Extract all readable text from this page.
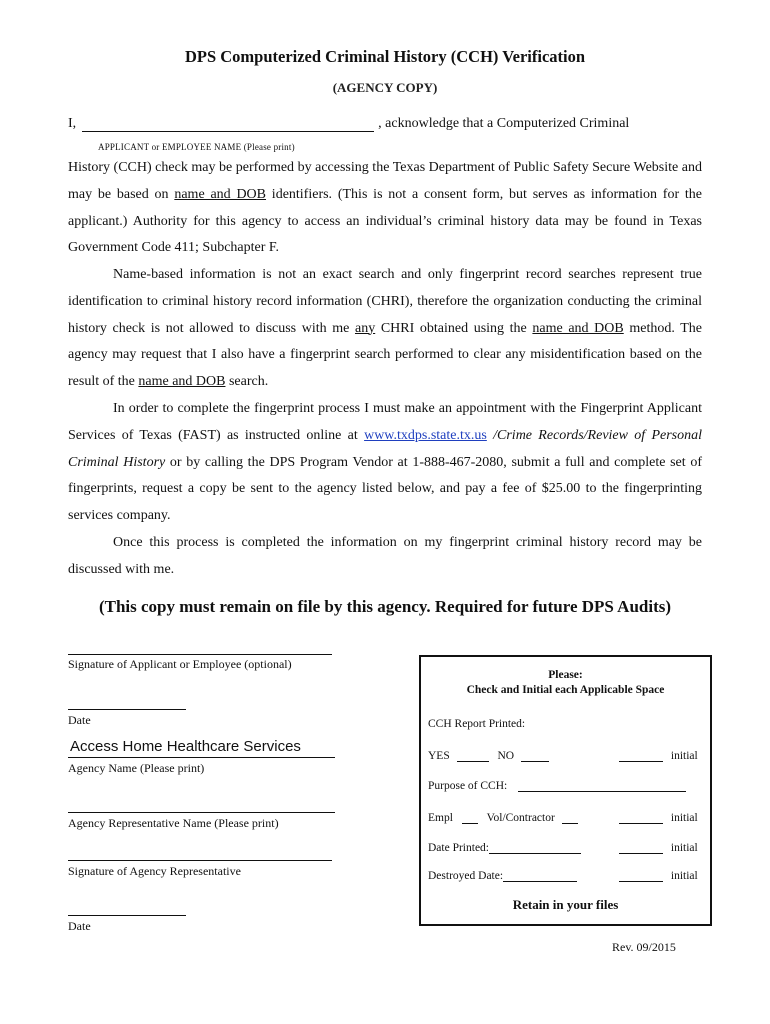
DPS Computerized Criminal History (CCH) Verification
(AGENCY COPY)
I,	, acknowledge that a Computerized Criminal
APPLICANT or EMPLOYEE NAME (Please print)

History (CCH) check may be performed by accessing the Texas Department of Public Safety Secure Website and may be based on name and DOB identifiers. (This is not a consent form, but serves as information for the applicant.) Authority for this agency to access an individual’s criminal history data may be found in Texas Government Code 411; Subchapter F.

Name-based information is not an exact search and only fingerprint record searches represent true identification to criminal history record information (CHRI), therefore the organization conducting the criminal history check is not allowed to discuss with me any CHRI obtained using the name and DOB method. The agency may request that I also have a fingerprint search performed to clear any misidentification based on the result of the name and DOB search.

In order to complete the fingerprint process I must make an appointment with the Fingerprint Applicant Services of Texas (FAST) as instructed online at www.txdps.state.tx.us /Crime Records/Review of Personal Criminal History or by calling the DPS Program Vendor at 1-888-467-2080, submit a full and complete set of fingerprints, request a copy be sent to the agency listed below, and pay a fee of $25.00 to the fingerprinting services company.

Once this process is completed the information on my fingerprint criminal history record may be discussed with me.

(This copy must remain on file by this agency. Required for future DPS Audits)
Signature of Applicant or Employee (optional)
Date
Access Home Healthcare Services
Agency Name (Please print)
Agency Representative Name (Please print)
Signature of Agency Representative
Date
Please:
Check and Initial each Applicable Space
CCH Report Printed:
YES	NO	initial
Purpose of CCH:
Empl	Vol/Contractor	initial
Date Printed:	initial
Destroyed Date:	initial
Retain in your files
Rev. 09/2015
